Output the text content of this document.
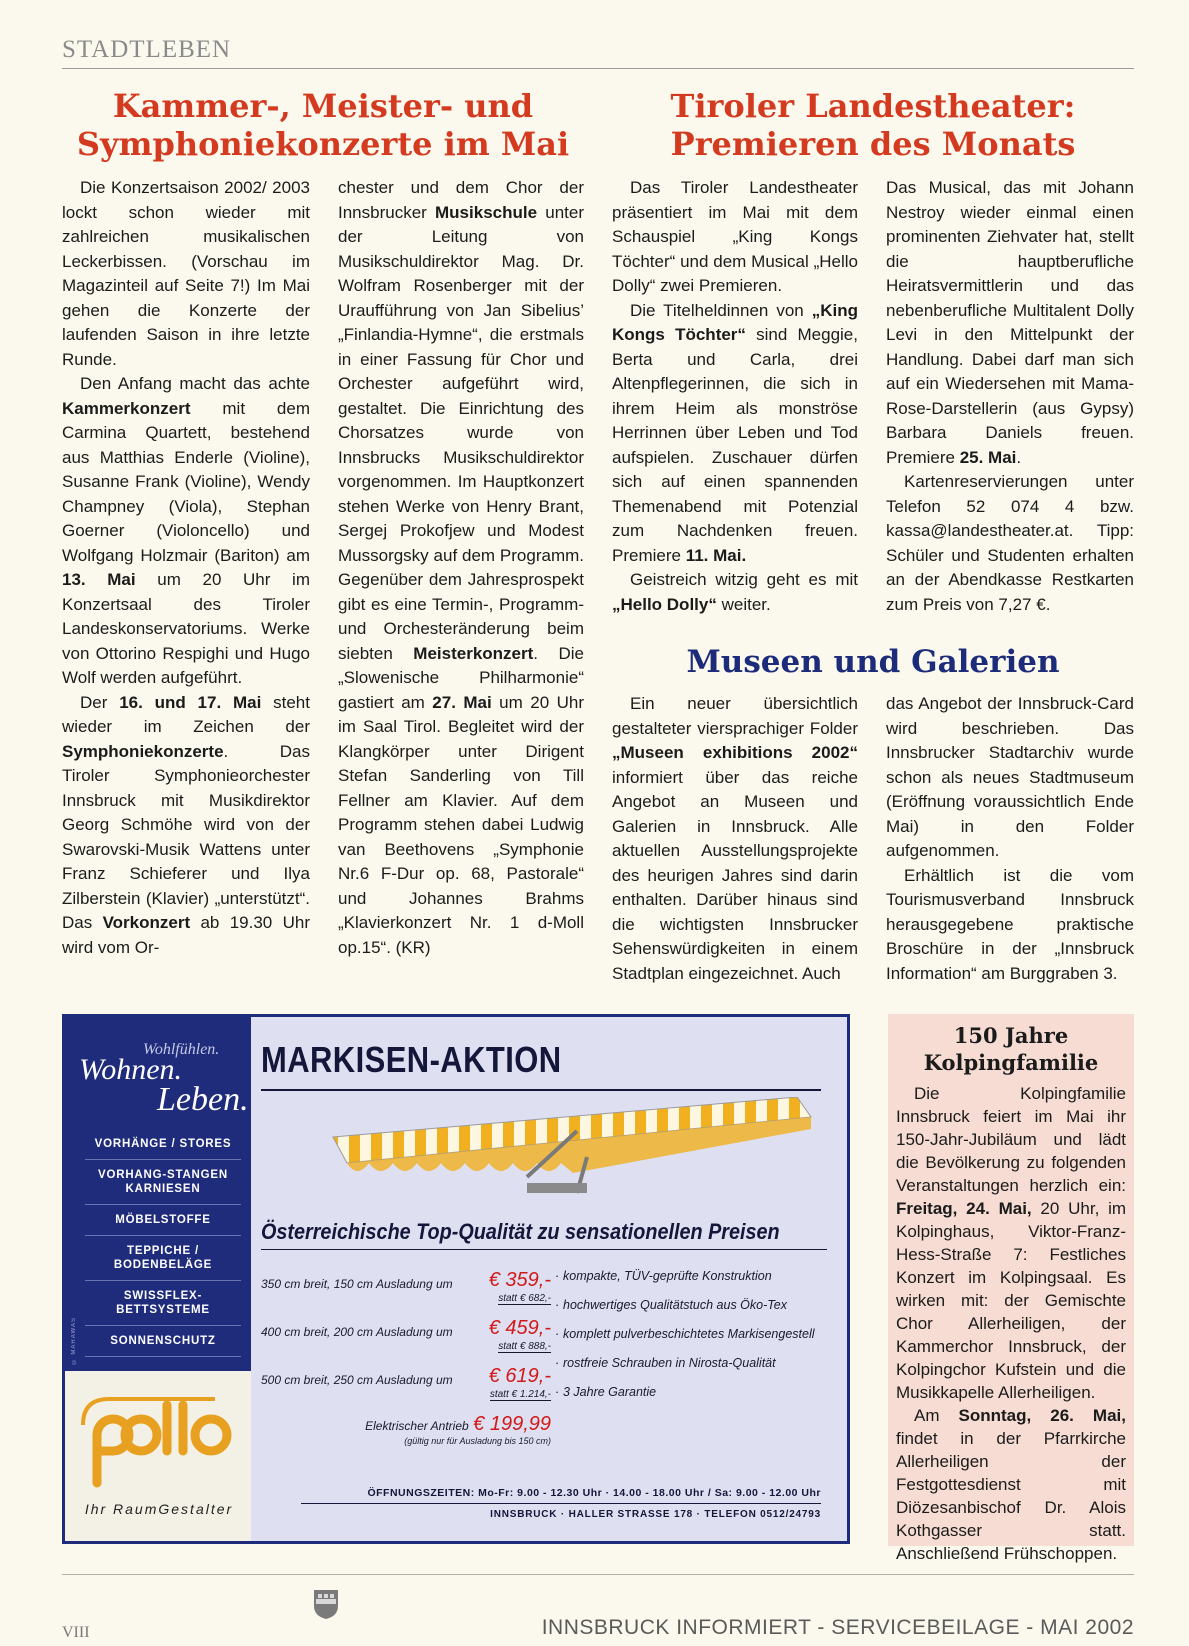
STADTLEBEN
Kammer-, Meister- und
Symphoniekonzerte im Mai
Tiroler Landestheater:
Premieren des Monats
Museen und Galerien

Die Konzertsaison 2002/ 2003 lockt schon wieder mit zahlreichen musikalischen Leckerbissen. (Vorschau im Magazinteil auf Seite 7!) Im Mai gehen die Konzerte der laufenden Saison in ihre letzte Runde.

Den Anfang macht das achte Kammerkonzert mit dem Carmina Quartett, bestehend aus Matthias Enderle (Violine), Susanne Frank (Violine), Wendy Champney (Viola), Stephan Goerner (Violoncello) und Wolfgang Holzmair (Bariton) am 13. Mai um 20 Uhr im Konzertsaal des Tiroler Landeskonservatoriums. Werke von Ottorino Respighi und Hugo Wolf werden aufgeführt.

Der 16. und 17. Mai steht wieder im Zeichen der Symphoniekonzerte. Das Tiroler Symphonieorchester Innsbruck mit Musikdirektor Georg Schmöhe wird von der Swarovski-Musik Wattens unter Franz Schieferer und Ilya Zilberstein (Klavier) „unterstützt“. Das Vorkonzert ab 19.30 Uhr wird vom Or-

chester und dem Chor der Innsbrucker Musikschule unter der Leitung von Musikschuldirektor Mag. Dr. Wolfram Rosenberger mit der Uraufführung von Jan Sibelius’ „Finlandia-Hymne“, die erstmals in einer Fassung für Chor und Orchester aufgeführt wird, gestaltet. Die Einrichtung des Chorsatzes wurde von Innsbrucks Musikschuldirektor vorgenommen. Im Hauptkonzert stehen Werke von Henry Brant, Sergej Prokofjew und Modest Mussorgsky auf dem Programm. Gegenüber dem Jahresprospekt gibt es eine Termin-, Programm- und Orchesteränderung beim siebten Meisterkonzert. Die „Slowenische Philharmonie“ gastiert am 27. Mai um 20 Uhr im Saal Tirol. Begleitet wird der Klangkörper unter Dirigent Stefan Sanderling von Till Fellner am Klavier. Auf dem Programm stehen dabei Ludwig van Beethovens „Symphonie Nr.6 F-Dur op. 68, Pastorale“ und Johannes Brahms „Klavierkonzert Nr. 1 d-Moll op.15“. (KR)

Das Tiroler Landestheater präsentiert im Mai mit dem Schauspiel „King Kongs Töchter“ und dem Musical „Hello Dolly“ zwei Premieren.

Die Titelheldinnen von „King Kongs Töchter“ sind Meggie, Berta und Carla, drei Altenpflegerinnen, die sich in ihrem Heim als monströse Herrinnen über Leben und Tod aufspielen. Zuschauer dürfen sich auf einen spannenden Themenabend mit Potenzial zum Nachdenken freuen. Premiere 11. Mai.

Geistreich witzig geht es mit „Hello Dolly“ weiter.

Das Musical, das mit Johann Nestroy wieder einmal einen prominenten Ziehvater hat, stellt die hauptberufliche Heiratsvermittlerin und das nebenberufliche Multitalent Dolly Levi in den Mittelpunkt der Handlung. Dabei darf man sich auf ein Wiedersehen mit Mama-Rose-Darstellerin (aus Gypsy) Barbara Daniels freuen. Premiere 25. Mai.

Kartenreservierungen unter Telefon 52 074 4 bzw. kassa@landestheater.at. Tipp: Schüler und Studenten erhalten an der Abendkasse Restkarten zum Preis von 7,27 €.

Ein neuer übersichtlich gestalteter viersprachiger Folder „Museen exhibitions 2002“ informiert über das reiche Angebot an Museen und Galerien in Innsbruck. Alle aktuellen Ausstellungsprojekte des heurigen Jahres sind darin enthalten. Darüber hinaus sind die wichtigsten Innsbrucker Sehenswürdigkeiten in einem Stadtplan eingezeichnet. Auch

das Angebot der Innsbruck-Card wird beschrieben. Das Innsbrucker Stadtarchiv wurde schon als neues Stadtmuseum (Eröffnung voraussichtlich Ende Mai) in den Folder aufgenommen.

Erhältlich ist die vom Tourismusverband Innsbruck herausgegebene praktische Broschüre in der „Innsbruck Information“ am Burggraben 3.

Wohlfühlen.
Wohnen.
Leben.
VORHÄNGE / STORES
VORHANG-STANGEN KARNIESEN
MÖBELSTOFFE
TEPPICHE / BODENBELÄGE
SWISSFLEX-BETTSYSTEME
SONNENSCHUTZ
© MARAWAS
Ihr RaumGestalter
MARKISEN-AKTION
Österreichische Top-Qualität zu sensationellen Preisen
350 cm breit, 150 cm Ausladung um € 359,-
statt € 682,-
400 cm breit, 200 cm Ausladung um € 459,-
statt € 888,-
500 cm breit, 250 cm Ausladung um € 619,-
statt € 1.214,-
Elektrischer Antrieb € 199,99
(gültig nur für Ausladung bis 150 cm)
· kompakte, TÜV-geprüfte Konstruktion
· hochwertiges Qualitätstuch aus Öko-Tex
· komplett pulverbeschichtetes Markisengestell
· rostfreie Schrauben in Nirosta-Qualität
· 3 Jahre Garantie
ÖFFNUNGSZEITEN: Mo-Fr: 9.00 - 12.30 Uhr · 14.00 - 18.00 Uhr / Sa: 9.00 - 12.00 Uhr
INNSBRUCK · HALLER STRASSE 178 · TELEFON 0512/24793
150 Jahre
Kolpingfamilie

Die Kolpingfamilie Innsbruck feiert im Mai ihr 150-Jahr-Jubiläum und lädt die Bevölkerung zu folgenden Veranstaltungen herzlich ein: Freitag, 24. Mai, 20 Uhr, im Kolpinghaus, Viktor-Franz-Hess-Straße 7: Festliches Konzert im Kolpingsaal. Es wirken mit: der Gemischte Chor Allerheiligen, der Kammerchor Innsbruck, der Kolpingchor Kufstein und die Musikkapelle Allerheiligen.

Am Sonntag, 26. Mai, findet in der Pfarrkirche Allerheiligen der Festgottesdienst mit Diözesanbischof Dr. Alois Kothgasser statt. Anschließend Frühschoppen.

VIII	INNSBRUCK INFORMIERT - SERVICEBEILAGE - MAI 2002
